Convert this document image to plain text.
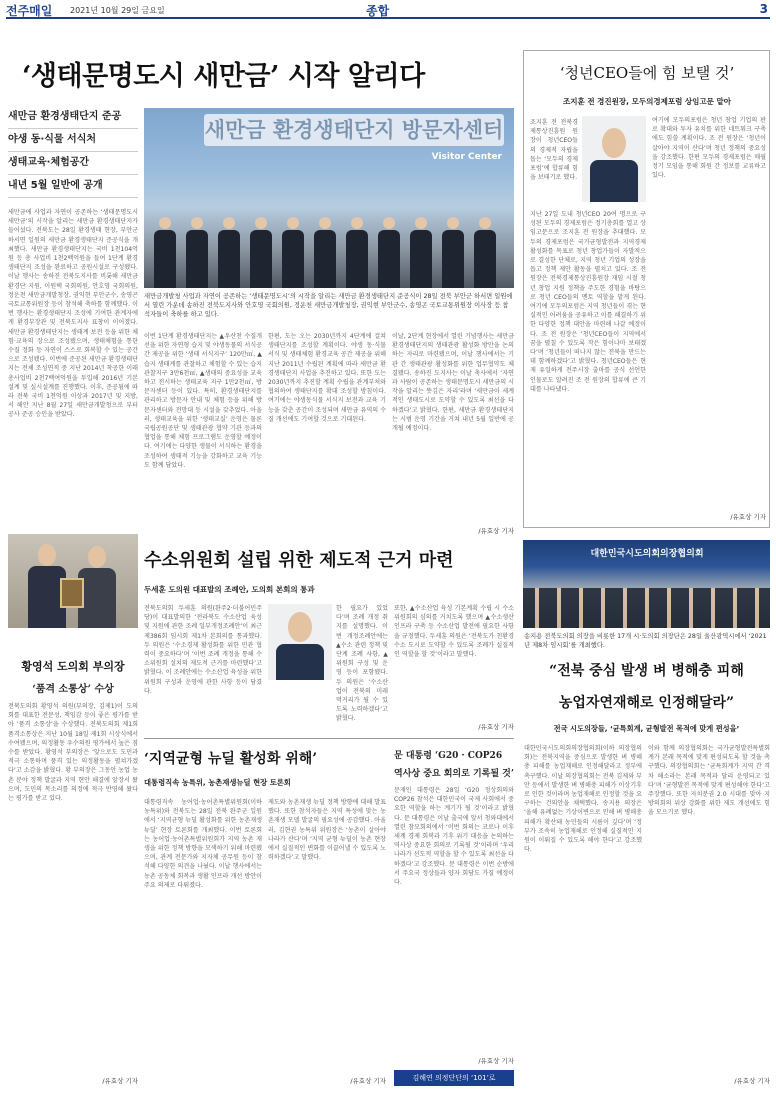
전주매일 2021년 10월 29일 금요일	종합	3
‘생태문명도시 새만금’ 시작 알리다
새만금 환경생태단지 준공
야생 동·식물 서식처
생태교육·체험공간
내년 5월 일반에 공개
새만금에 사업과 자연이 공존하는 ‘생태문명도시 새만금’의 시작을 알리는 새만금 환경생태단지가 들어섰다. 전북도는 28일 환경생태 현장, 부안군 하서면 일원의 새만금 환경생태단지 준공식을 개최했다. 새만금 환경생태단지는 국비 1천104억원 등 총 사업비 1천2백억원을 들여 1단계 환경생태단지 조성을 완료하고 공원시설로 구성됐다. 이날 행사는 송하진 전북도지사를 비롯해 새만금 환경단 지원, 이원택 국회의원, 안호영 국회의원, 정운천 새만금개발청장, 권익현 부안군수, 송영곤 국토교통위원장 등이 참석해 축하를 함께했다. 이번 행사는 환경생태단지 조성에 기여한 관계자에게 환경부장관 및 전북도지사 표창이 이어졌다. 새만금 환경생태단지는 생태계 보전 등을 위한 체험·교육의 장으로 조성됐으며, 생태체험을 통한 수질 정화 등 자연이 스스로 회복할 수 있는 공간으로 조성됐다. 이번에 준공된 새만금 환경생태단지는 전체 조성면적 중 지난 2014년 착공한 이래 총사업비 2천7백여억원을 투입해 2016년 기본설계 및 실시설계를 진행했다. 이후, 준공됨에 따라 전북 국비 1천억원 이상과 2017년 및 지방, 서 해안 지난 8월 27일 새만금개발청으로 부터 공사 준공 승인을 받았다.
새만금 환경생태단지 방문자센터
Visitor Center
새만금개발청 사업과 자연이 공존하는 ‘생태문명도시’의 시작을 알리는 새만금 환경생태단지 준공식이 28일 전북 부안군 하서면 일원에서 열린 가운데 송하진 전북도지사와 안호영 국회의원, 정운천 새만금개발청장, 권익현 부안군수, 송영곤 국토교통위원장 이사장 등 참석자들이 축하를 하고 있다.
이번 1단계 환경생태단지는 ▲우산천 수질개선을 위한 자연형 습지 및 야생동물의 서식공간 제공을 위한 ‘생태 서식지구’ 120만㎡, ▲습지 생태계를 관찰하고 체험할 수 있는 습지관찰지구 3만6천㎡, ▲생태의 중요성을 교육하고 전시하는 생태교육 지구 1만2천㎡, 방문자센터 등이 있다. 특히, 환경생태단지를 관리하고 방문자 안내 및 체험 등을 위해 방문자센터와 전망대 등 시설을 갖추었다. 아울러, 생태교육을 위한 ‘생태교실’ 운영은 물론 국립공원공단 및 생태관광 협약 기관 등과의 협업을 통해 체험 프로그램도 운영할 예정이다. 여기에는 다양한 생물이 서식하는 환경을 조성하여 생태적 기능을 강화하고 교육 기능도 함께 담았다.
한편, 도는 오는 2030년까지 4단계에 걸쳐 생태단지를 조성할 계획이다. 야생 동·식물 서식 및 생태체험 환경교육 공간 제공을 위해 지난 2011년 수립된 계획에 따라 새만금 환경생태단지 사업을 추진하고 있다. 또한 도는 2030년까지 추진할 계획 수립을 관계부처와 협의하여 생태단지를 확대 조성할 방침이다. 여기에는 야생동식물 서식지 보전과 교육 기능을 갖춘 공간이 조성되며 새만금 유역의 수질 개선에도 기여할 것으로 기대된다.
이날, 2단계 현장에서 열린 기념행사는 새만금 환경생태단지의 생태관광 활성화 방안을 논의하는 자리로 마련됐으며, 이날 행사에서는 기관 간 생태관광 활성화를 위한 업무협약도 체결됐다. 송하진 도지사는 이날 축사에서 ‘자연과 사람이 공존하는 생태문명도시 새만금의 시작을 알리는 뜻깊은 자리’라며 ‘새만금이 세계적인 생태도시로 도약할 수 있도록 최선을 다하겠다’고 밝혔다. 한편, 새만금 환경생태단지는 시범 운영 기간을 거쳐 내년 5월 일반에 공개될 예정이다.
/유효상 기자
‘청년CEO들에 힘 보탤 것’
조지훈 전 경진원장, 모두의경제포럼 상임고문 맡아
조지훈 전 전북경제통상진흥원 원장이 청년CEO들의 경제적 자립을 돕는 ‘모두의 경제포럼’에 합류해 힘을 보태기로 했다.
지난 27일 도내 청년CEO 20여 명으로 구성된 모두의 경제포럼은 정기총회를 열고 상임고문으로 조지훈 전 원장을 추대했다. 모두의 경제포럼은 국가균형발전과 지역경제 활성화를 목표로 청년 창업가들이 자발적으로 결성한 단체로, 지역 청년 기업의 성장을 돕고 정책 제안 활동을 펼치고 있다. 조 전 원장은 전북경제통상진흥원장 재임 시절 청년 창업 지원 정책을 주도한 경험을 바탕으로 청년 CEO들의 멘토 역할을 맡게 된다. 여기에 모두의포럼은 지역 청년들이 겪는 현실적인 어려움을 공유하고 이를 해결하기 위한 다양한 정책 대안을 마련해 나갈 예정이다. 조 전 원장은 ‘청년CEO들이 지역에서 꿈을 펼칠 수 있도록 작은 힘이나마 보태겠다’며 ‘청년들이 떠나지 않는 전북을 만드는 데 함께하겠다’고 밝혔다. 청년CEO들은 현재 유일하게 전주시장 출마를 공식 선언한 인물로도 알려진 조 전 원장의 합류에 큰 기대를 나타냈다.
여기에 모두의포럼은 청년 창업 기업의 판로 확대와 투자 유치를 위한 네트워크 구축에도 힘쓸 계획이다. 조 전 원장은 ‘청년이 살아야 지역이 산다’며 청년 정책의 중요성을 강조했다. 한편 모두의 경제포럼은 매월 정기 모임을 통해 회원 간 정보를 교류하고 있다.
/유효상 기자
대한민국시도의회의장협의회
송지용 전북도의회 의장을 비롯한 17개 시·도의회 의장단은 28일 울산광역시에서 ‘2021년 제8차 임시회’를 개최했다.
“전북 중심 발생 벼 병해충 피해
농업자연재해로 인정해달라”
전국 시도의장들, ‘균특회계, 균형발전 목적에 맞게 편성을’
대한민국시도의회의장협의회(이하 의장협의회)는 전북지역을 중심으로 발생한 벼 병해충 피해를 농업재해로 인정해달라고 정부에 촉구했다. 이날 의장협의회는 전북 김제와 부안 등에서 발생한 벼 병해충 피해가 이상기후로 인한 것이라며 농업재해로 인정할 것을 요구하는 건의안을 채택했다. 송지용 의장은 ‘올해 유례없는 기상이변으로 인해 벼 병해충 피해가 확산돼 농민들의 시름이 깊다’며 ‘정부가 조속히 농업재해로 인정해 실질적인 지원이 이뤄질 수 있도록 해야 한다’고 강조했다.
이와 함께 의장협의회는 국가균형발전특별회계가 본래 목적에 맞게 편성되도록 할 것을 촉구했다. 의장협의회는 ‘균특회계가 지역 간 격차 해소라는 본래 목적과 달리 운영되고 있다’며 ‘균형발전 목적에 맞게 편성해야 한다’고 주장했다. 또한 자치분권 2.0 시대를 맞아 지방의회의 위상 강화를 위한 제도 개선에도 힘을 모으기로 했다.
/유효상 기자
황영석 도의회 부의장
‘품격 소통상’ 수상
전북도의회 황영석 의원(부의장, 김제1)이 도의회를 대표한 전문성, 책임감 등이 좋은 평가를 받아 ‘품격 소통상’을 수상했다. 전북도의회 제1회 품격소통상은 지난 10월 18일 제1회 시상식에서 수여됐으며, 의정활동 우수의원 평가에서 높은 점수를 받았다. 황영석 부의장은 ‘앞으로도 도민과 적극 소통하며 품격 있는 의정활동을 펼쳐가겠다’고 소감을 밝혔다. 황 부의장은 그동안 농업 농촌 분야 정책 발굴과 지역 현안 해결에 앞장서 왔으며, 도민의 목소리를 의정에 적극 반영해 왔다는 평가를 받고 있다.
/유효상 기자
수소위원회 설립 위한 제도적 근거 마련
두세훈 도의원 대표발의 조례안, 도의회 본회의 통과
전북도의회 두세훈 의원(완주2·더불어민주당)이 대표발의한 ‘전라북도 수소산업 육성 및 지원에 관한 조례 일부개정조례안’이 최근 제386회 임시회 제1차 본회의를 통과했다. 두 의원은 ‘수소경제 활성화를 위한 민관 협력이 중요하다’며 ‘이번 조례 개정을 통해 수소위원회 설치의 제도적 근거를 마련했다’고 밝혔다. 이 조례안에는 수소산업 육성을 위한 위원회 구성과 운영에 관한 사항 등이 담겼다.
한 필요가 있었다’며 조례 개정 취지를 설명했다. 이번 개정조례안에는 ▲수소 관련 정책 및 단계 조례 사항, ▲위원회 구성 및 운영 등이 포함됐다. 두 의원은 ‘수소산업이 전북의 미래 먹거리가 될 수 있도록 노력하겠다’고 밝혔다.
또한, ▲수소산업 육성 기본계획 수립 시 수소위원회의 심의를 거치도록 했으며 ▲수소생산 인프라 구축 등 수소산업 발전에 필요한 사항을 규정했다. 두세훈 의원은 ‘전북도가 친환경 수소 도시로 도약할 수 있도록 조례가 실질적인 역할을 할 것’이라고 말했다.
/유효상 기자
‘지역균형 뉴딜 활성화 위해’
대통령직속 농특위, 농촌재생뉴딜 현장 토론회
대통령직속 농어업·농어촌특별위원회(이하 농특위)와 전북도는 28일 전북 완주군 일원에서 ‘지역균형 뉴딜 활성화를 위한 농촌재생뉴딜’ 현장 토론회를 개최했다. 이번 토론회는 농어업·농어촌특별위원회가 지역 농촌 재생을 위한 정책 방향을 모색하기 위해 마련됐으며, 관계 전문가와 지자체 공무원 등이 참석해 다양한 의견을 나눴다. 이날 행사에서는 농촌 공동체 회복과 생활 인프라 개선 방안이 주요 의제로 다뤄졌다.
제도와 농촌재생 뉴딜 정책 방향에 대해 발표했다. 또한 참석자들은 지역 특성에 맞는 농촌재생 모델 발굴의 필요성에 공감했다. 아울러, 김현권 농특위 위원장은 ‘농촌이 살아야 나라가 산다’며 ‘지역 균형 뉴딜이 농촌 현장에서 실질적인 변화를 이끌어낼 수 있도록 노력하겠다’고 말했다.
/유효상 기자
문 대통령 ‘G20 · COP26
역사상 중요 회의로 기록될 것’
문재인 대통령은 28일 ‘G20 정상회의와 COP26 참석은 대한민국이 국제 사회에서 중요한 역할을 하는 계기가 될 것’이라고 밝혔다. 문 대통령은 이날 출국에 앞서 청와대에서 열린 참모회의에서 ‘이번 회의는 코로나 이후 세계 경제 회복과 기후 위기 대응을 논의하는 역사상 중요한 회의로 기록될 것’이라며 ‘우리나라가 선도적 역할을 할 수 있도록 최선을 다하겠다’고 강조했다. 문 대통령은 이번 순방에서 주요국 정상들과 양자 회담도 가질 예정이다.
/유효상 기자
김해연 의정단단의 ‘101’로
